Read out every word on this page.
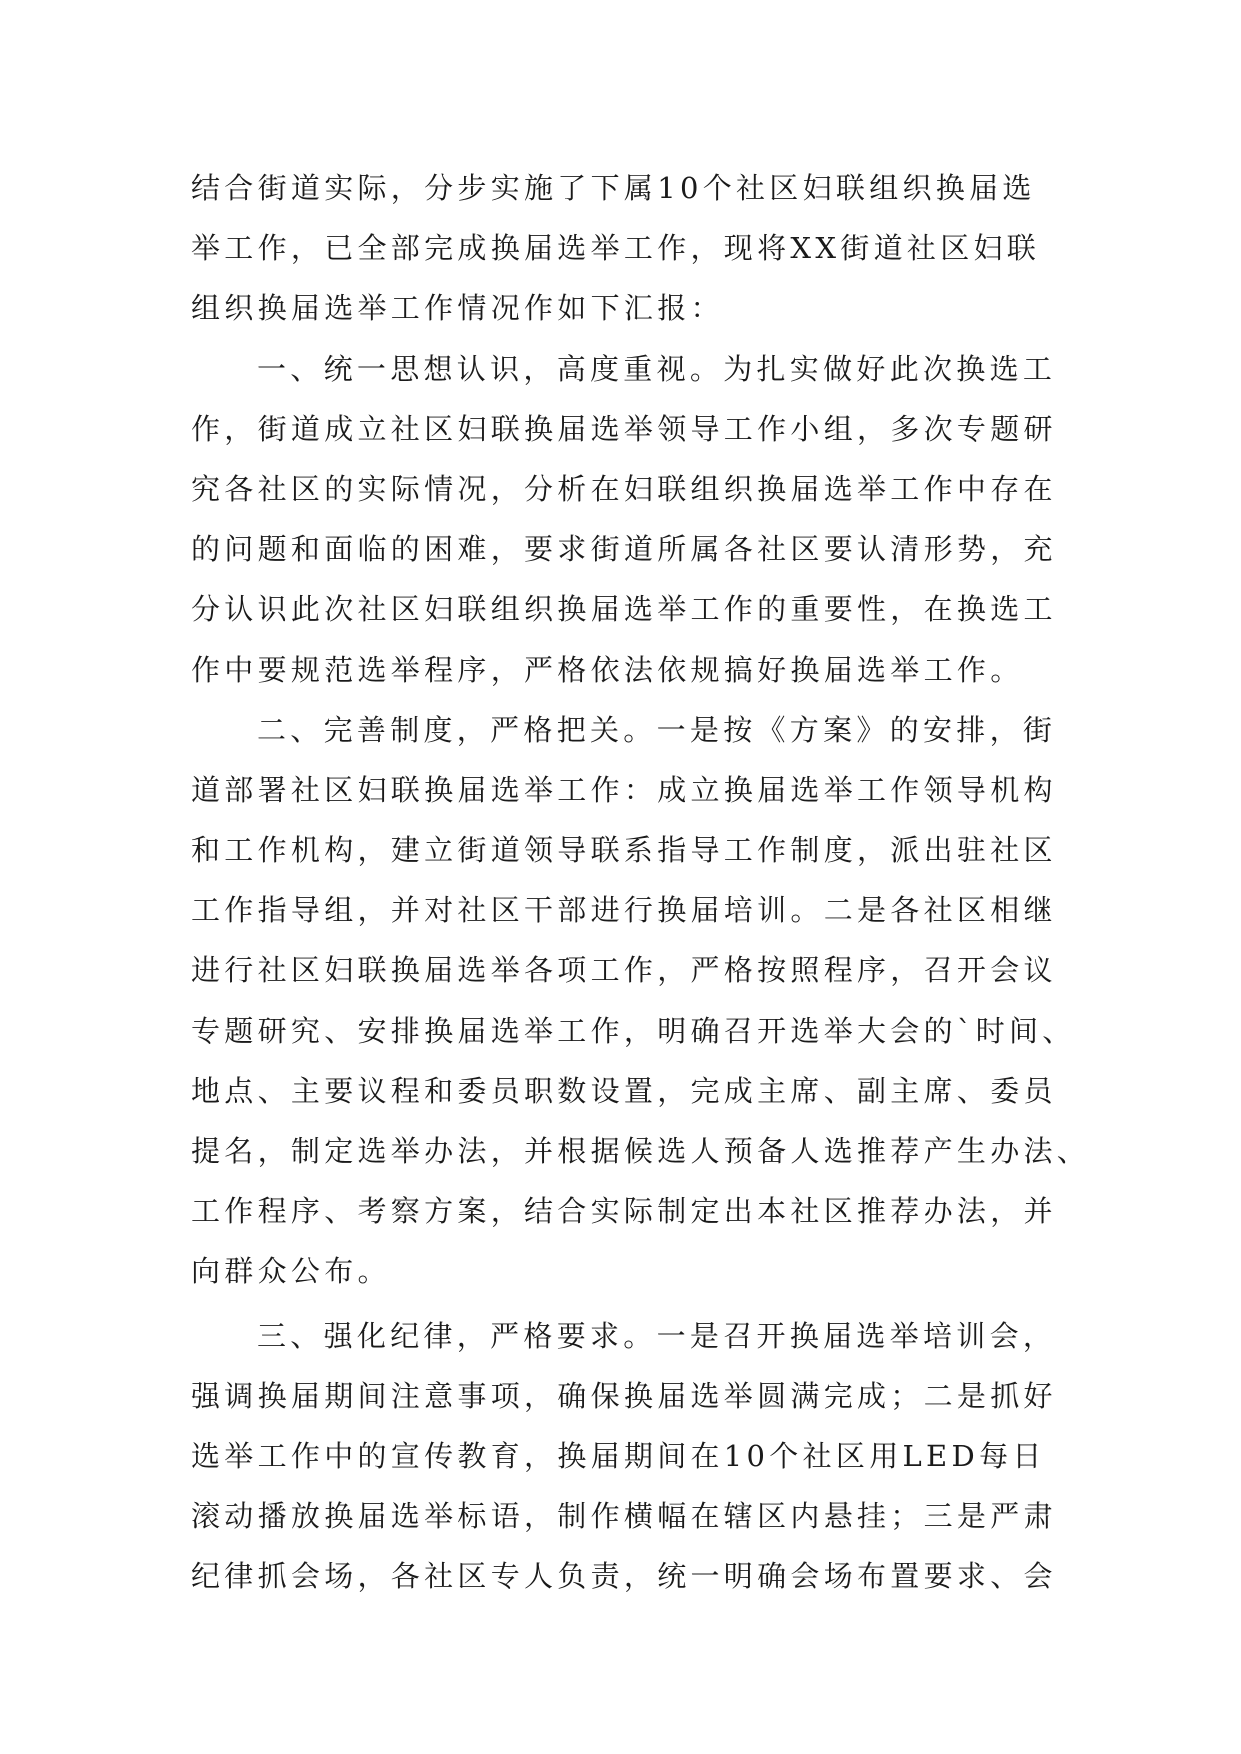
结合街道实际，分步实施了下属10个社区妇联组织换届选

举工作，已全部完成换届选举工作，现将XX街道社区妇联

组织换届选举工作情况作如下汇报：

一、统一思想认识，高度重视。为扎实做好此次换选工

作，街道成立社区妇联换届选举领导工作小组，多次专题研

究各社区的实际情况，分析在妇联组织换届选举工作中存在

的问题和面临的困难，要求街道所属各社区要认清形势，充

分认识此次社区妇联组织换届选举工作的重要性，在换选工

作中要规范选举程序，严格依法依规搞好换届选举工作。

二、完善制度，严格把关。一是按《方案》的安排，街

道部署社区妇联换届选举工作：成立换届选举工作领导机构

和工作机构，建立街道领导联系指导工作制度，派出驻社区

工作指导组，并对社区干部进行换届培训。二是各社区相继

进行社区妇联换届选举各项工作，严格按照程序，召开会议

专题研究、安排换届选举工作，明确召开选举大会的`时间、

地点、主要议程和委员职数设置，完成主席、副主席、委员

提名，制定选举办法，并根据候选人预备人选推荐产生办法、

工作程序、考察方案，结合实际制定出本社区推荐办法，并

向群众公布。

三、强化纪律，严格要求。一是召开换届选举培训会，

强调换届期间注意事项，确保换届选举圆满完成；二是抓好

选举工作中的宣传教育，换届期间在10个社区用LED每日

滚动播放换届选举标语，制作横幅在辖区内悬挂；三是严肃

纪律抓会场，各社区专人负责，统一明确会场布置要求、会
